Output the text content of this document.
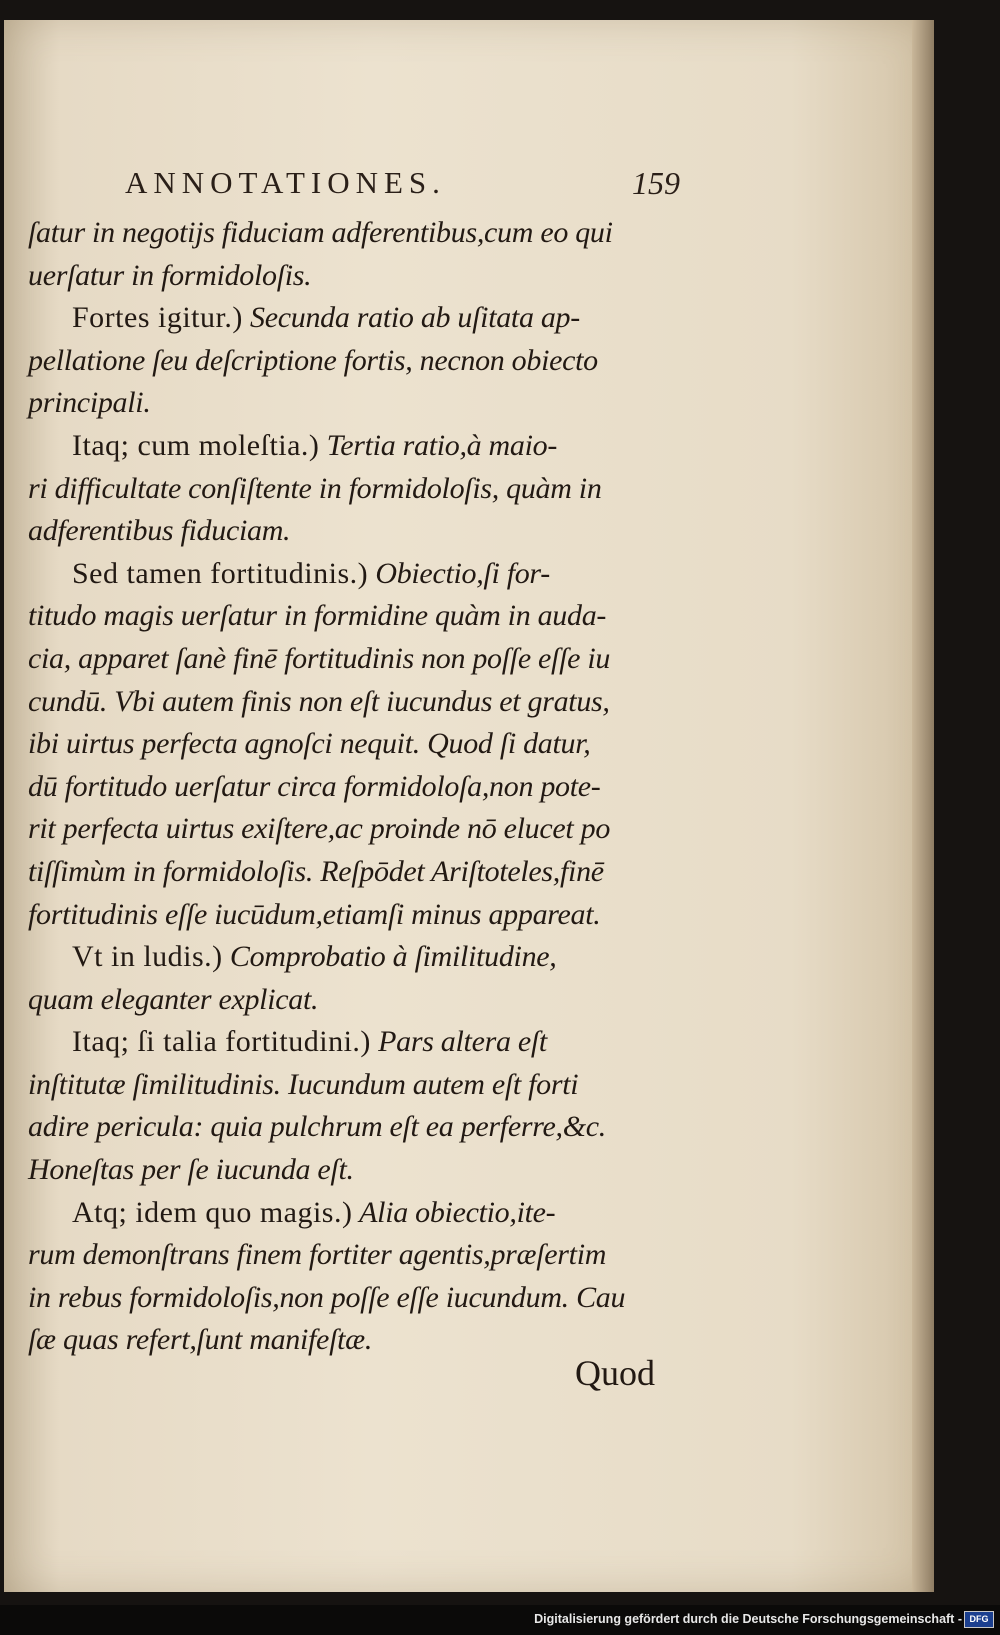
ANNOTATIONES.	159
ſatur in negotijs fiduciam adferentibus,cum eo qui
uerſatur in formidoloſis.
Fortes igitur.) Secunda ratio ab uſitata ap-
pellatione ſeu deſcriptione fortis, necnon obiecto
principali.
Itaq; cum moleſtia.) Tertia ratio,à maio-
ri difficultate conſiſtente in formidoloſis, quàm in
adferentibus fiduciam.
Sed tamen fortitudinis.) Obiectio,ſi for-
titudo magis uerſatur in formidine quàm in auda-
cia, apparet ſanè finē fortitudinis non poſſe eſſe iu
cundū. Vbi autem finis non eſt iucundus et gratus,
ibi uirtus perfecta agnoſci nequit. Quod ſi datur,
dū fortitudo uerſatur circa formidoloſa,non pote-
rit perfecta uirtus exiſtere,ac proinde nō elucet po
tiſſimùm in formidoloſis. Reſpōdet Ariſtoteles,finē
fortitudinis eſſe iucūdum,etiamſi minus appareat.
Vt in ludis.) Comprobatio à ſimilitudine,
quam eleganter explicat.
Itaq; ſi talia fortitudini.) Pars altera eſt
inſtitutæ ſimilitudinis. Iucundum autem eſt forti
adire pericula: quia pulchrum eſt ea perferre,&c.
Honeſtas per ſe iucunda eſt.
Atq; idem quo magis.) Alia obiectio,ite-
rum demonſtrans finem fortiter agentis,præſertim
in rebus formidoloſis,non poſſe eſſe iucundum. Cau
ſæ quas refert,ſunt manifeſtæ.
Quod
Digitalisierung gefördert durch die Deutsche Forschungsgemeinschaft - DFG
